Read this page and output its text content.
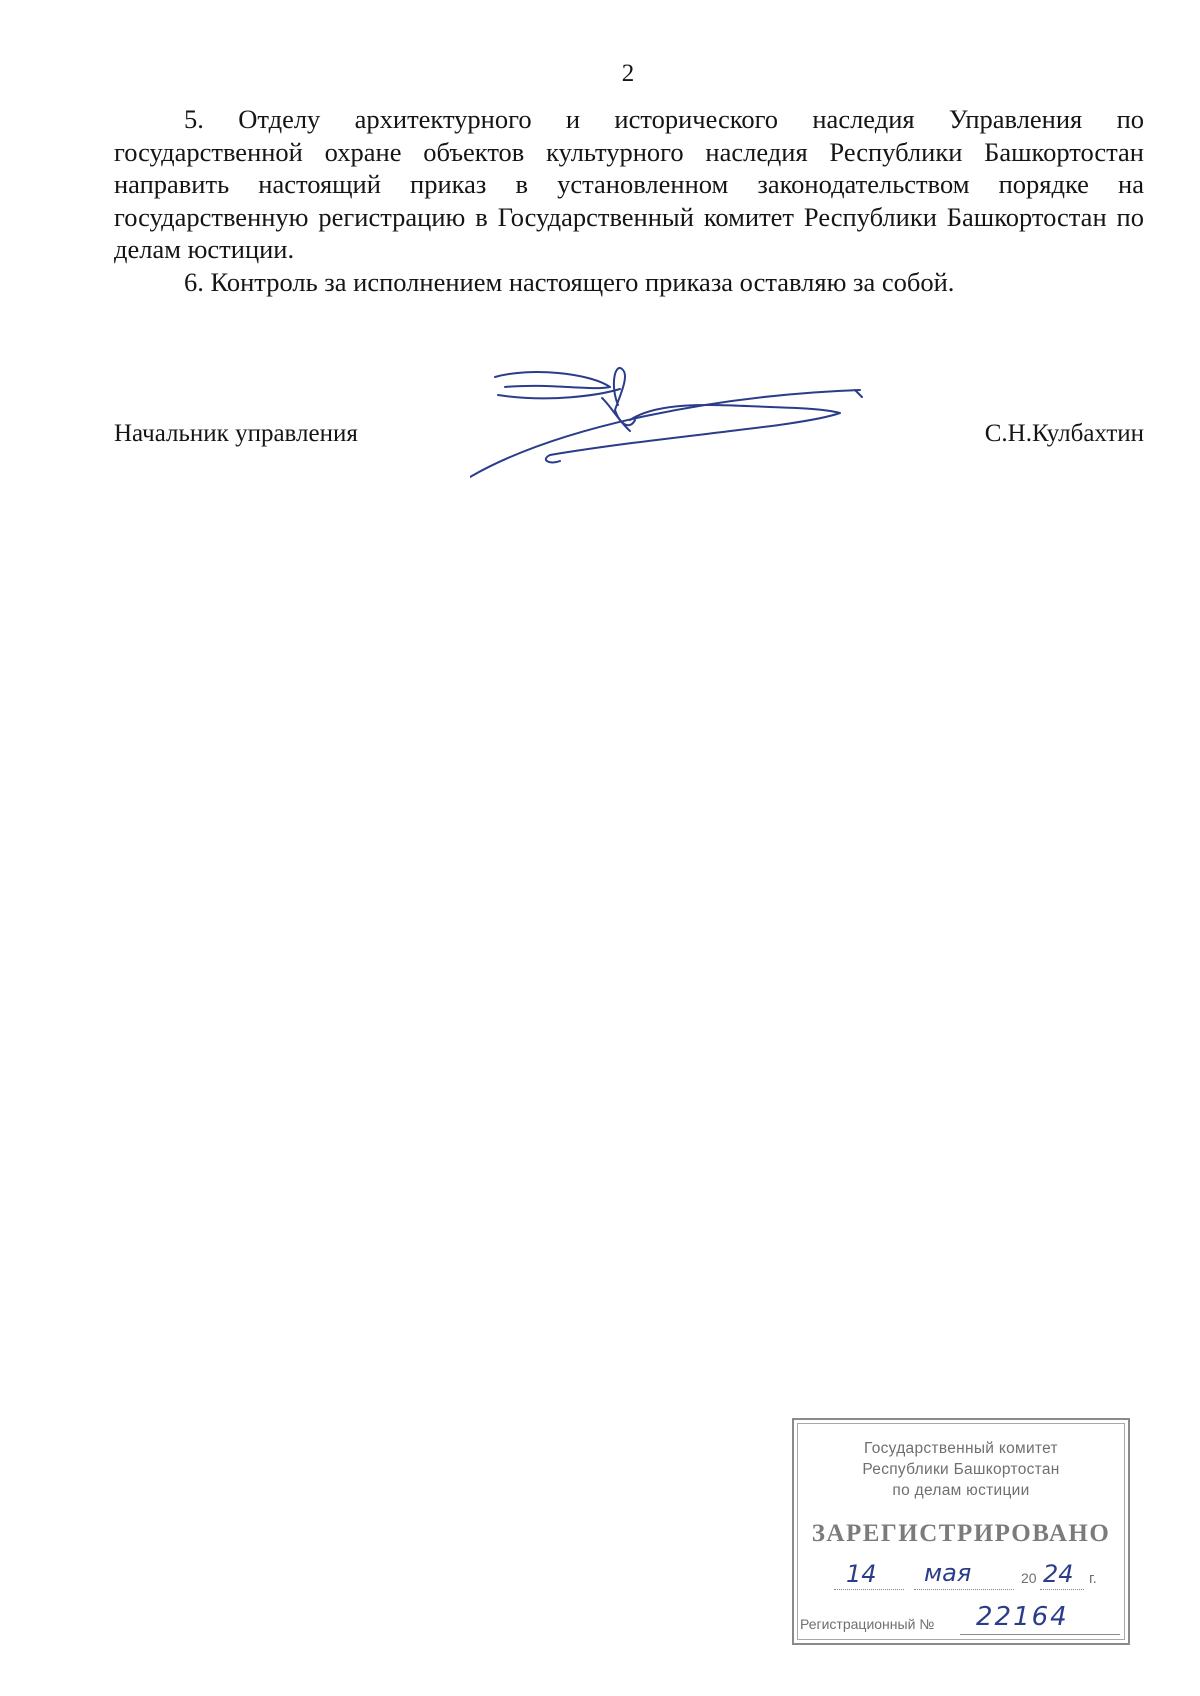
2

5. Отделу архитектурного и исторического наследия Управления по государственной охране объектов культурного наследия Республики Башкортостан направить настоящий приказ в установленном законодательством порядке на государственную регистрацию в Государственный комитет Республики Башкортостан по делам юстиции.

6. Контроль за исполнением настоящего приказа оставляю за собой.

Начальник управления	С.Н.Кулбахтин
Государственный комитет
Республики Башкортостан
по делам юстиции
ЗАРЕГИСТРИРОВАНО
14 мая	20 24 г.
Регистрационный № 22164
